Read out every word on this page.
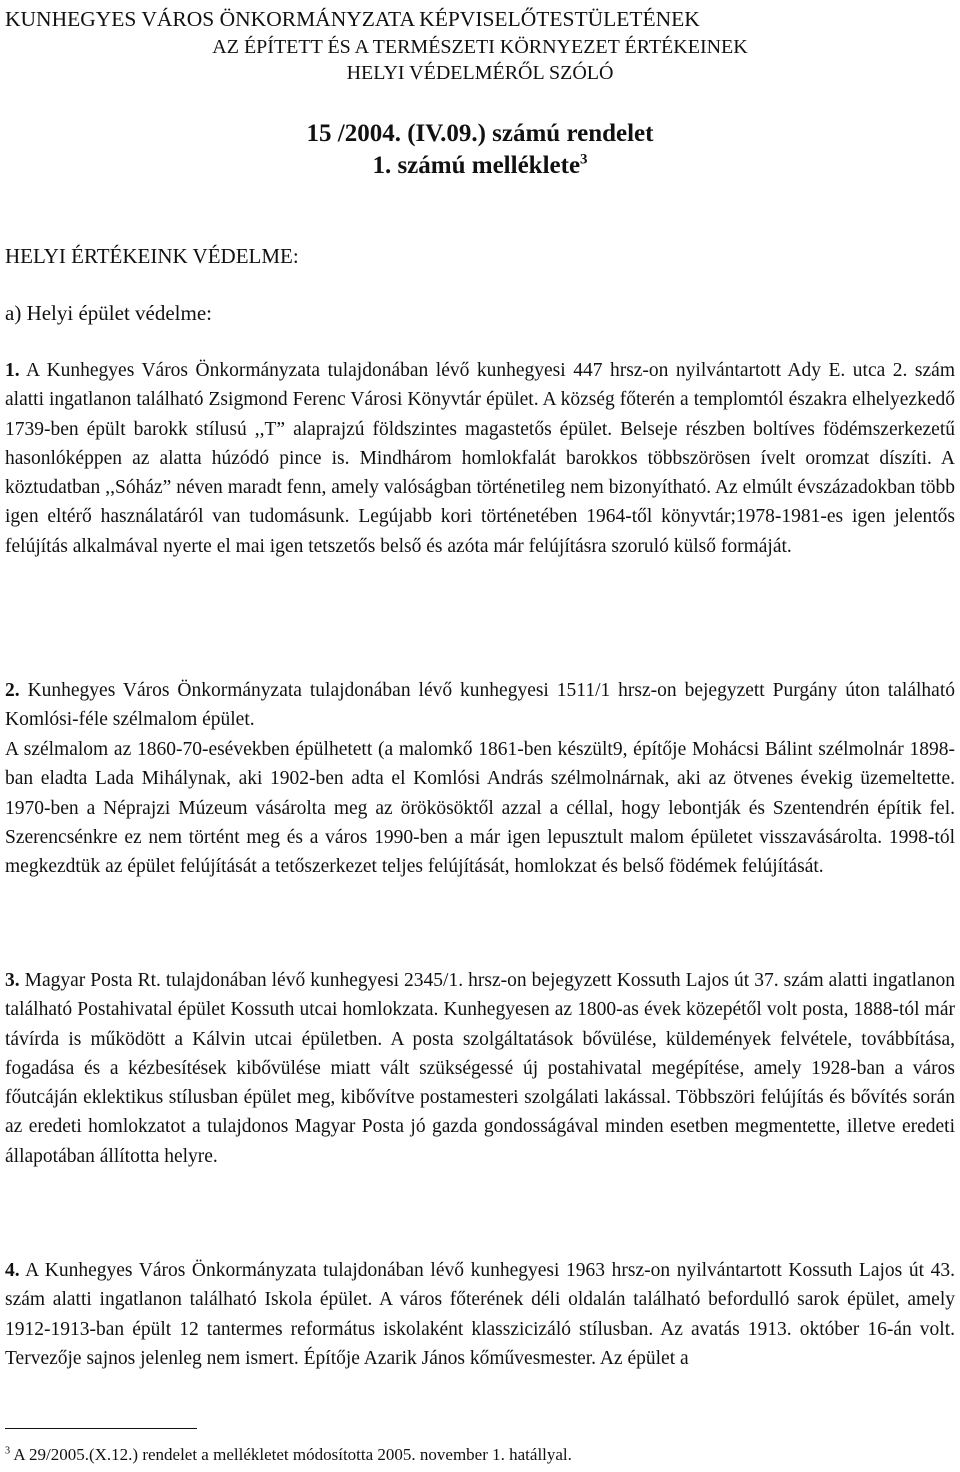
KUNHEGYES VÁROS ÖNKORMÁNYZATA KÉPVISELŐTESTÜLETÉNEK
AZ ÉPÍTETT ÉS A TERMÉSZETI KÖRNYEZET ÉRTÉKEINEK
HELYI VÉDELMÉRŐL SZÓLÓ
15 /2004. (IV.09.) számú rendelet
1. számú melléklete$^3$
HELYI ÉRTÉKEINK VÉDELME:
a) Helyi épület védelme:

1. A Kunhegyes Város Önkormányzata tulajdonában lévő kunhegyesi 447 hrsz-on nyilvántartott Ady E. utca 2. szám alatti ingatlanon található Zsigmond Ferenc Városi Könyvtár épület. A község főterén a templomtól északra elhelyezkedő 1739-ben épült barokk stílusú ,,T” alaprajzú földszintes magastetős épület. Belseje részben boltíves födémszerkezetű hasonlóképpen az alatta húzódó pince is. Mindhárom homlokfalát barokkos többszörösen ívelt oromzat díszíti. A köztudatban ,,Sóház” néven maradt fenn, amely valóságban történetileg nem bizonyítható. Az elmúlt évszázadokban több igen eltérő használatáról van tudomásunk. Legújabb kori történetében 1964-től könyvtár;1978-1981-es igen jelentős felújítás alkalmával nyerte el mai igen tetszetős belső és azóta már felújításra szoruló külső formáját.

2. Kunhegyes Város Önkormányzata tulajdonában lévő kunhegyesi 1511/1 hrsz-on bejegyzett Purgány úton található Komlósi-féle szélmalom épület.

A szélmalom az 1860-70-esévekben épülhetett (a malomkő 1861-ben készült9, építője Mohácsi Bálint szélmolnár 1898-ban eladta Lada Mihálynak, aki 1902-ben adta el Komlósi András szélmolnárnak, aki az ötvenes évekig üzemeltette. 1970-ben a Néprajzi Múzeum vásárolta meg az örökösöktől azzal a céllal, hogy lebontják és Szentendrén építik fel. Szerencsénkre ez nem történt meg és a város 1990-ben a már igen lepusztult malom épületet visszavásárolta. 1998-tól megkezdtük az épület felújítását a tetőszerkezet teljes felújítását, homlokzat és belső födémek felújítását.

3. Magyar Posta Rt. tulajdonában lévő kunhegyesi 2345/1. hrsz-on bejegyzett Kossuth Lajos út 37. szám alatti ingatlanon található Postahivatal épület Kossuth utcai homlokzata. Kunhegyesen az 1800-as évek közepétől volt posta, 1888-tól már távírda is működött a Kálvin utcai épületben. A posta szolgáltatások bővülése, küldemények felvétele, továbbítása, fogadása és a kézbesítések kibővülése miatt vált szükségessé új postahivatal megépítése, amely 1928-ban a város főutcáján eklektikus stílusban épület meg, kibővítve postamesteri szolgálati lakással. Többszöri felújítás és bővítés során az eredeti homlokzatot a tulajdonos Magyar Posta jó gazda gondosságával minden esetben megmentette, illetve eredeti állapotában állította helyre.

4. A Kunhegyes Város Önkormányzata tulajdonában lévő kunhegyesi 1963 hrsz-on nyilvántartott Kossuth Lajos út 43. szám alatti ingatlanon található Iskola épület. A város főterének déli oldalán található befordulló sarok épület, amely 1912-1913-ban épült 12 tantermes református iskolaként klasszicizáló stílusban. Az avatás 1913. október 16-án volt. Tervezője sajnos jelenleg nem ismert. Építője Azarik János kőművesmester. Az épület a

$^3$ A 29/2005.(X.12.) rendelet a mellékletet módosította 2005. november 1. hatállyal.
